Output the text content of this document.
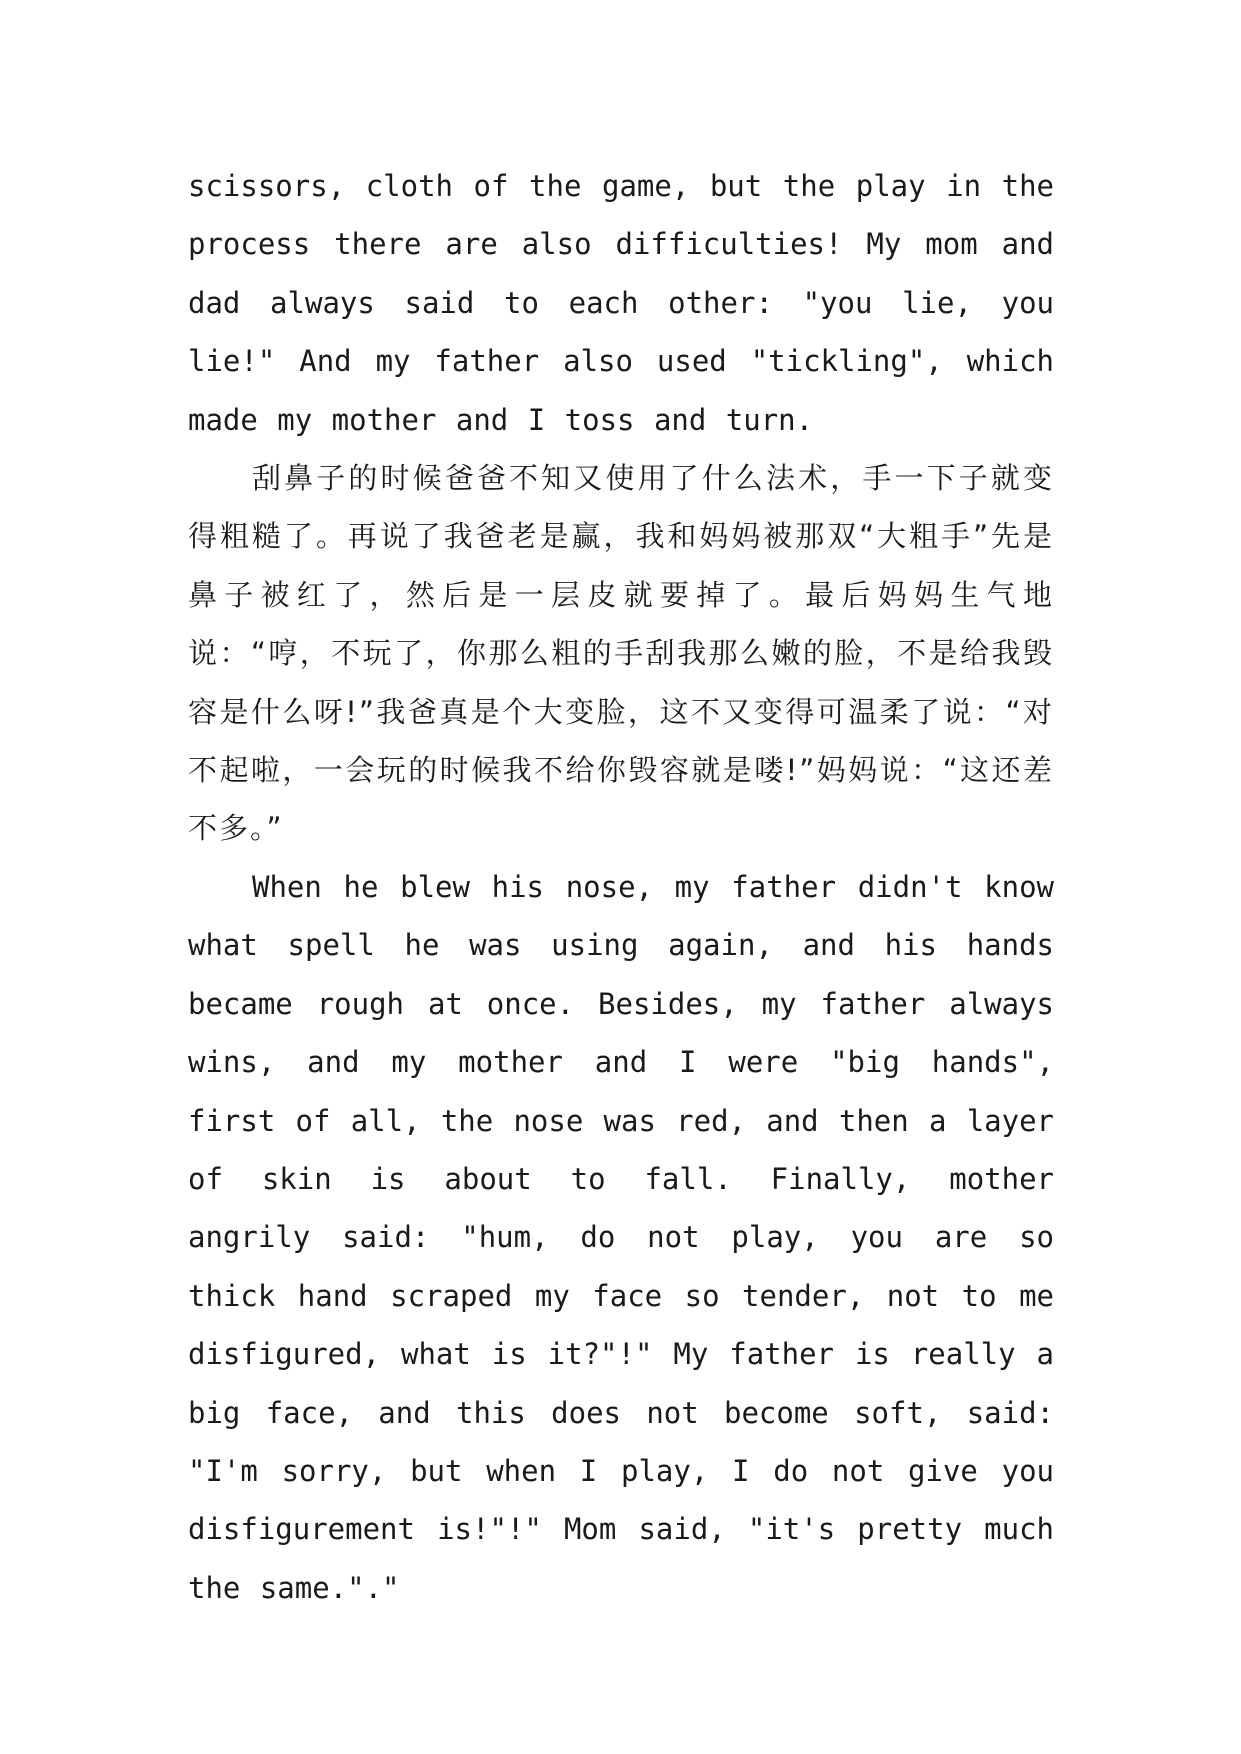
scissors, cloth of the game, but the play in the process there are also difficulties! My mom and dad always said to each other: "you lie, you lie!" And my father also used "tickling", which made my mother and I toss and turn.

刮鼻子的时候爸爸不知又使用了什么法术，手一下子就变得粗糙了。再说了我爸老是赢，我和妈妈被那双“大粗手”先是鼻子被红了，然后是一层皮就要掉了。最后妈妈生气地说：“哼，不玩了，你那么粗的手刮我那么嫩的脸，不是给我毁容是什么呀!”我爸真是个大变脸，这不又变得可温柔了说：“对不起啦，一会玩的时候我不给你毁容就是喽!”妈妈说：“这还差不多。”

When he blew his nose, my father didn't know what spell he was using again, and his hands became rough at once. Besides, my father always wins, and my mother and I were "big hands", first of all, the nose was red, and then a layer of skin is about to fall. Finally, mother angrily said: "hum, do not play, you are so thick hand scraped my face so tender, not to me disfigured, what is it?"!" My father is really a big face, and this does not become soft, said: "I'm sorry, but when I play, I do not give you disfigurement is!"!" Mom said, "it's pretty much the same."."
